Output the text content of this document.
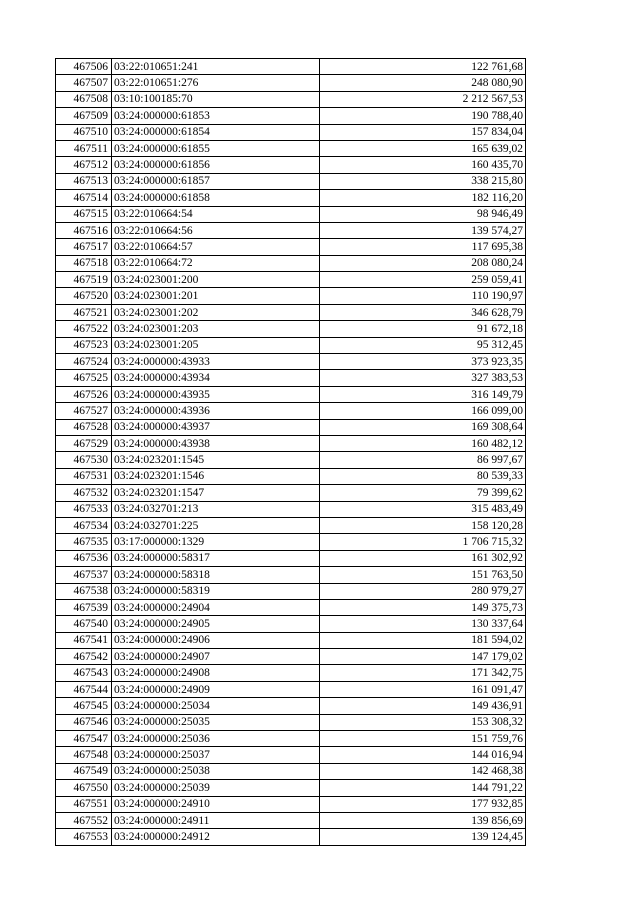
467506	03:22:010651:241	122 761,68
467507	03:22:010651:276	248 080,90
467508	03:10:100185:70	2 212 567,53
467509	03:24:000000:61853	190 788,40
467510	03:24:000000:61854	157 834,04
467511	03:24:000000:61855	165 639,02
467512	03:24:000000:61856	160 435,70
467513	03:24:000000:61857	338 215,80
467514	03:24:000000:61858	182 116,20
467515	03:22:010664:54	98 946,49
467516	03:22:010664:56	139 574,27
467517	03:22:010664:57	117 695,38
467518	03:22:010664:72	208 080,24
467519	03:24:023001:200	259 059,41
467520	03:24:023001:201	110 190,97
467521	03:24:023001:202	346 628,79
467522	03:24:023001:203	91 672,18
467523	03:24:023001:205	95 312,45
467524	03:24:000000:43933	373 923,35
467525	03:24:000000:43934	327 383,53
467526	03:24:000000:43935	316 149,79
467527	03:24:000000:43936	166 099,00
467528	03:24:000000:43937	169 308,64
467529	03:24:000000:43938	160 482,12
467530	03:24:023201:1545	86 997,67
467531	03:24:023201:1546	80 539,33
467532	03:24:023201:1547	79 399,62
467533	03:24:032701:213	315 483,49
467534	03:24:032701:225	158 120,28
467535	03:17:000000:1329	1 706 715,32
467536	03:24:000000:58317	161 302,92
467537	03:24:000000:58318	151 763,50
467538	03:24:000000:58319	280 979,27
467539	03:24:000000:24904	149 375,73
467540	03:24:000000:24905	130 337,64
467541	03:24:000000:24906	181 594,02
467542	03:24:000000:24907	147 179,02
467543	03:24:000000:24908	171 342,75
467544	03:24:000000:24909	161 091,47
467545	03:24:000000:25034	149 436,91
467546	03:24:000000:25035	153 308,32
467547	03:24:000000:25036	151 759,76
467548	03:24:000000:25037	144 016,94
467549	03:24:000000:25038	142 468,38
467550	03:24:000000:25039	144 791,22
467551	03:24:000000:24910	177 932,85
467552	03:24:000000:24911	139 856,69
467553	03:24:000000:24912	139 124,45
